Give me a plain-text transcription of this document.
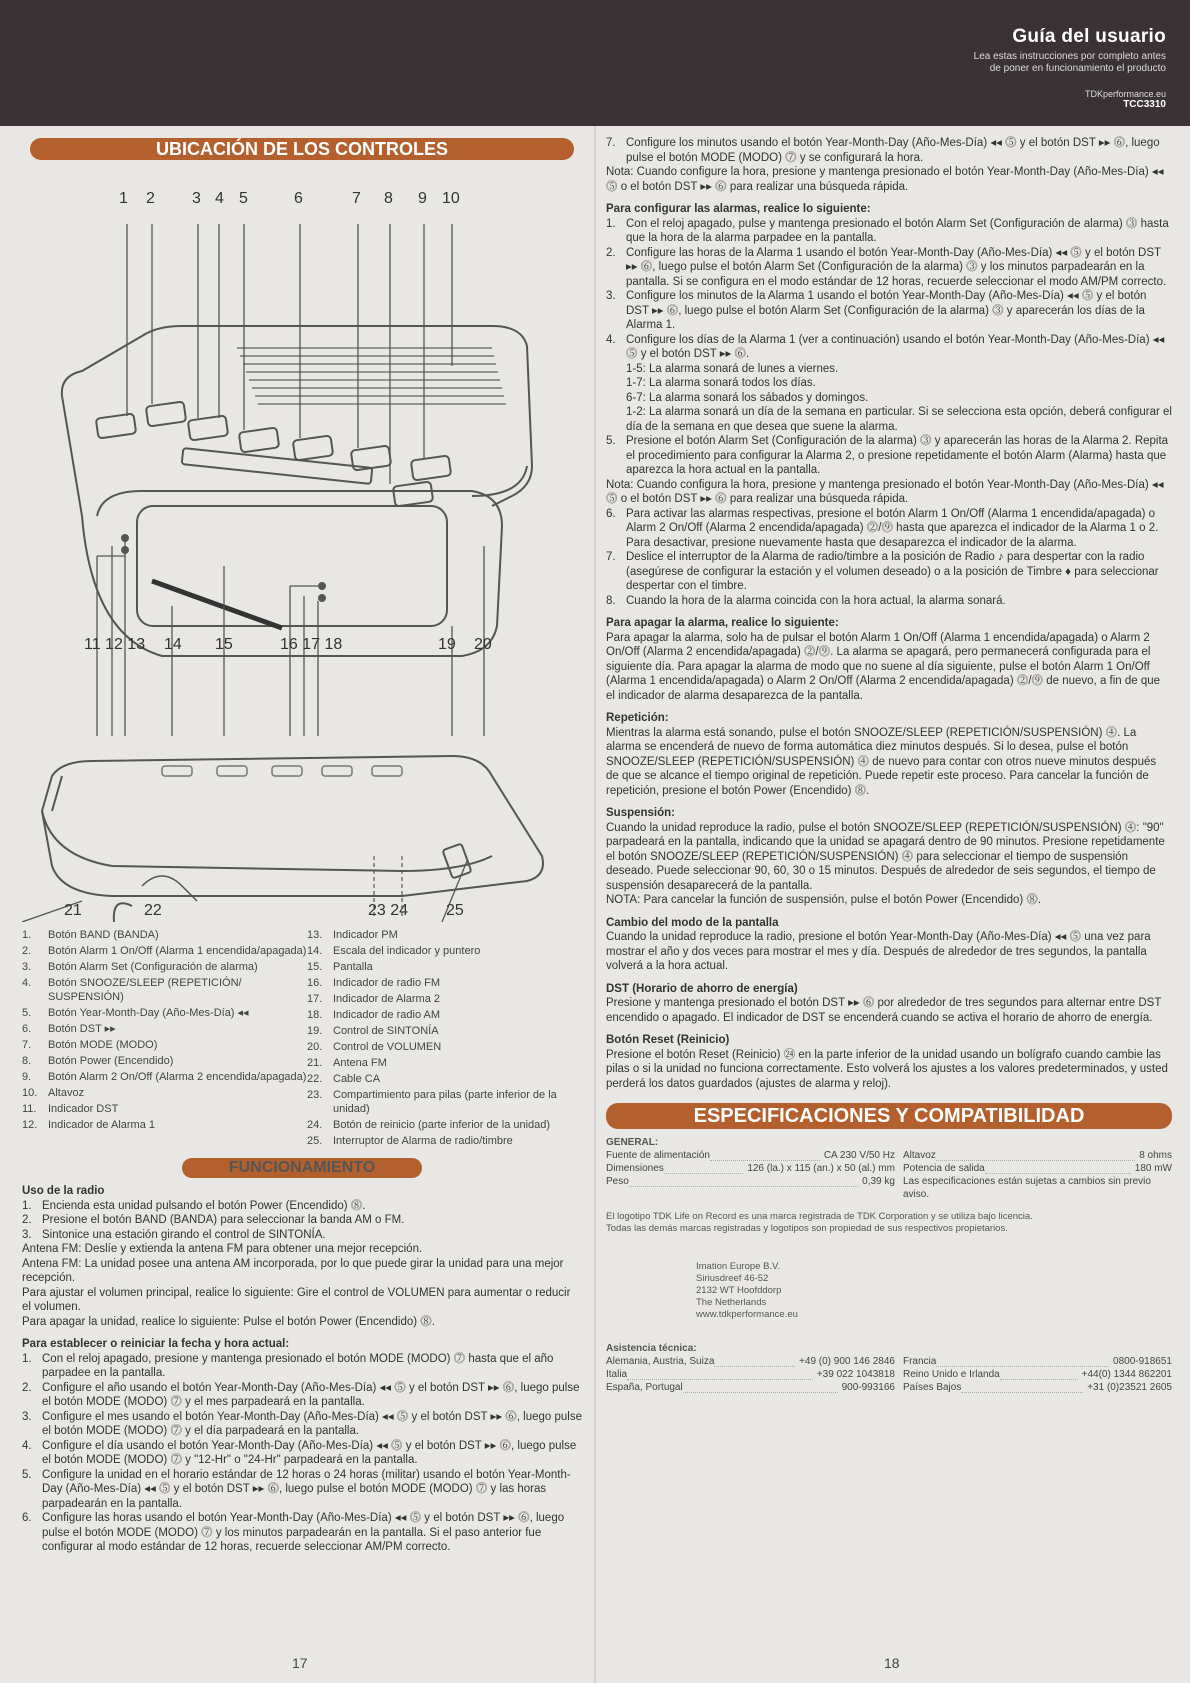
Guía del usuario
Lea estas instrucciones por completo antes
de poner en funcionamiento el producto
TDKperformance.eu
TCC3310
UBICACIÓN DE LOS CONTROLES
1 2 3 4 5	6	7 8 9 10
11 12 13 14 15	16 17 18	19 20
21	22	23 24 25
1.	Botón BAND (BANDA)
2.	Botón Alarm 1 On/Off (Alarma 1 encendida/apagada)
3.	Botón Alarm Set (Configuración de alarma)
4.	Botón SNOOZE/SLEEP (REPETICIÓN/ SUSPENSIÓN)
5.	Botón Year-Month-Day (Año-Mes-Día) ◂◂
6.	Botón DST ▸▸
7.	Botón MODE (MODO)
8.	Botón Power (Encendido)
9.	Botón Alarm 2 On/Off (Alarma 2 encendida/apagada)
10. Altavoz
11.	Indicador DST
12. Indicador de Alarma 1
13. Indicador PM
14. Escala del indicador y puntero
15. Pantalla
16. Indicador de radio FM
17. Indicador de Alarma 2
18. Indicador de radio AM
19. Control de SINTONÍA
20. Control de VOLUMEN
21. Antena FM
22. Cable CA
23. Compartimiento para pilas (parte inferior de la unidad)
24. Botón de reinicio (parte inferior de la unidad)
25. Interruptor de Alarma de radio/timbre
FUNCIONAMIENTO
Uso de la radio
1. Encienda esta unidad pulsando el botón Power (Encendido) ⓼.
2. Presione el botón BAND (BANDA) para seleccionar la banda AM o FM.
3. Sintonice una estación girando el control de SINTONÍA.

Antena FM: Deslíe y extienda la antena FM para obtener una mejor recepción.

Antena FM: La unidad posee una antena AM incorporada, por lo que puede girar la unidad para una mejor recepción.

Para ajustar el volumen principal, realice lo siguiente: Gire el control de VOLUMEN para aumentar o reducir el volumen.

Para apagar la unidad, realice lo siguiente: Pulse el botón Power (Encendido) ⓼.

Para establecer o reiniciar la fecha y hora actual:
1. Con el reloj apagado, presione y mantenga presionado el botón MODE (MODO) ⓻ hasta que el año parpadee en la pantalla.
2. Configure el año usando el botón Year-Month-Day (Año-Mes-Día) ◂◂ ⓹ y el botón DST ▸▸ ⓺, luego pulse el botón MODE (MODO) ⓻ y el mes parpadeará en la pantalla.
3. Configure el mes usando el botón Year-Month-Day (Año-Mes-Día) ◂◂ ⓹ y el botón DST ▸▸ ⓺, luego pulse el botón MODE (MODO) ⓻ y el día parpadeará en la pantalla.
4. Configure el día usando el botón Year-Month-Day (Año-Mes-Día) ◂◂ ⓹ y el botón DST ▸▸ ⓺, luego pulse el botón MODE (MODO) ⓻ y "12-Hr" o "24-Hr" parpadeará en la pantalla.
5. Configure la unidad en el horario estándar de 12 horas o 24 horas (militar) usando el botón Year-Month-Day (Año-Mes-Día) ◂◂ ⓹ y el botón DST ▸▸ ⓺, luego pulse el botón MODE (MODO) ⓻ y las horas parpadearán en la pantalla.
6. Configure las horas usando el botón Year-Month-Day (Año-Mes-Día) ◂◂ ⓹ y el botón DST ▸▸ ⓺, luego pulse el botón MODE (MODO) ⓻ y los minutos parpadearán en la pantalla. Si el paso anterior fue configurar al modo estándar de 12 horas, recuerde seleccionar AM/PM correcto.
17
7. Configure los minutos usando el botón Year-Month-Day (Año-Mes-Día) ◂◂ ⓹ y el botón DST ▸▸ ⓺, luego pulse el botón MODE (MODO) ⓻ y se configurará la hora.

Nota: Cuando configure la hora, presione y mantenga presionado el botón Year-Month-Day (Año-Mes-Día) ◂◂ ⓹ o el botón DST ▸▸ ⓺ para realizar una búsqueda rápida.

Para configurar las alarmas, realice lo siguiente:
1. Con el reloj apagado, pulse y mantenga presionado el botón Alarm Set (Configuración de alarma) ⓷ hasta que la hora de la alarma parpadee en la pantalla.
2. Configure las horas de la Alarma 1 usando el botón Year-Month-Day (Año-Mes-Día) ◂◂ ⓹ y el botón DST ▸▸ ⓺, luego pulse el botón Alarm Set (Configuración de la alarma) ⓷ y los minutos parpadearán en la pantalla. Si se configura en el modo estándar de 12 horas, recuerde seleccionar el modo AM/PM correcto.
3. Configure los minutos de la Alarma 1 usando el botón Year-Month-Day (Año-Mes-Día) ◂◂ ⓹ y el botón DST ▸▸ ⓺, luego pulse el botón Alarm Set (Configuración de la alarma) ⓷ y aparecerán los días de la Alarma 1.
4. Configure los días de la Alarma 1 (ver a continuación) usando el botón Year-Month-Day (Año-Mes-Día) ◂◂ ⓹ y el botón DST ▸▸ ⓺.

1-5: La alarma sonará de lunes a viernes.

1-7: La alarma sonará todos los días.

6-7: La alarma sonará los sábados y domingos.

1-2: La alarma sonará un día de la semana en particular. Si se selecciona esta opción, deberá configurar el día de la semana en que desea que suene la alarma.

5. Presione el botón Alarm Set (Configuración de la alarma) ⓷ y aparecerán las horas de la Alarma 2. Repita el procedimiento para configurar la Alarma 2, o presione repetidamente el botón Alarm (Alarma) hasta que aparezca la hora actual en la pantalla.

Nota: Cuando configura la hora, presione y mantenga presionado el botón Year-Month-Day (Año-Mes-Día) ◂◂ ⓹ o el botón DST ▸▸ ⓺ para realizar una búsqueda rápida.

6. Para activar las alarmas respectivas, presione el botón Alarm 1 On/Off (Alarma 1 encendida/apagada) o Alarm 2 On/Off (Alarma 2 encendida/apagada) ⓶/⓽ hasta que aparezca el indicador de la Alarma 1 o 2. Para desactivar, presione nuevamente hasta que desaparezca el indicador de la alarma.
7. Deslice el interruptor de la Alarma de radio/timbre a la posición de Radio ♪ para despertar con la radio (asegúrese de configurar la estación y el volumen deseado) o a la posición de Timbre ♦ para seleccionar despertar con el timbre.
8. Cuando la hora de la alarma coincida con la hora actual, la alarma sonará.
Para apagar la alarma, realice lo siguiente:

Para apagar la alarma, solo ha de pulsar el botón Alarm 1 On/Off (Alarma 1 encendida/apagada) o Alarm 2 On/Off (Alarma 2 encendida/apagada) ⓶/⓽. La alarma se apagará, pero permanecerá configurada para el siguiente día. Para apagar la alarma de modo que no suene al día siguiente, pulse el botón Alarm 1 On/Off (Alarma 1 encendida/apagada) o Alarm 2 On/Off (Alarma 2 encendida/apagada) ⓶/⓽ de nuevo, a fin de que el indicador de alarma desaparezca de la pantalla.

Repetición:

Mientras la alarma está sonando, pulse el botón SNOOZE/SLEEP (REPETICIÓN/SUSPENSIÓN) ⓸. La alarma se encenderá de nuevo de forma automática diez minutos después. Si lo desea, pulse el botón SNOOZE/SLEEP (REPETICIÓN/SUSPENSIÓN) ⓸ de nuevo para contar con otros nueve minutos después de que se alcance el tiempo original de repetición. Puede repetir este proceso. Para cancelar la función de repetición, presione el botón Power (Encendido) ⓼.

Suspensión:

Cuando la unidad reproduce la radio, pulse el botón SNOOZE/SLEEP (REPETICIÓN/SUSPENSIÓN) ⓸: "90" parpadeará en la pantalla, indicando que la unidad se apagará dentro de 90 minutos. Presione repetidamente el botón SNOOZE/SLEEP (REPETICIÓN/SUSPENSIÓN) ⓸ para seleccionar el tiempo de suspensión deseado. Puede seleccionar 90, 60, 30 o 15 minutos. Después de alrededor de seis segundos, el tiempo de suspensión desaparecerá de la pantalla.

NOTA: Para cancelar la función de suspensión, pulse el botón Power (Encendido) ⓼.

Cambio del modo de la pantalla

Cuando la unidad reproduce la radio, presione el botón Year-Month-Day (Año-Mes-Día) ◂◂ ⓹ una vez para mostrar el año y dos veces para mostrar el mes y día. Después de alrededor de tres segundos, la pantalla volverá a la hora actual.

DST (Horario de ahorro de energía)

Presione y mantenga presionado el botón DST ▸▸ ⓺ por alrededor de tres segundos para alternar entre DST encendido o apagado. El indicador de DST se encenderá cuando se activa el horario de ahorro de energía.

Botón Reset (Reinicio)

Presione el botón Reset (Reinicio) ㉔ en la parte inferior de la unidad usando un bolígrafo cuando cambie las pilas o si la unidad no funciona correctamente. Esto volverá los ajustes a los valores predeterminados, y usted perderá los datos guardados (ajustes de alarma y reloj).

ESPECIFICACIONES Y COMPATIBILIDAD
GENERAL:
Fuente de alimentación	CA 230 V/50 Hz
Dimensiones	126 (la.) x 115 (an.) x 50 (al.) mm
Peso	0,39 kg
Altavoz	8 ohms
Potencia de salida	180 mW
Las especificaciones están sujetas a cambios sin previo aviso.
El logotipo TDK Life on Record es una marca registrada de TDK Corporation y se utiliza bajo licencia.
Todas las demás marcas registradas y logotipos son propiedad de sus respectivos propietarios.
Imation Europe B.V.
Siriusdreef 46-52
2132 WT Hoofddorp
The Netherlands
www.tdkperformance.eu
Asistencia técnica:
Alemania, Austria, Suiza	+49 (0) 900 146 2846
Italia	+39 022 1043818
España, Portugal	900-993166
Francia	0800-918651
Reino Unido e Irlanda	+44(0) 1344 862201
Países Bajos	+31 (0)23521 2605
18
